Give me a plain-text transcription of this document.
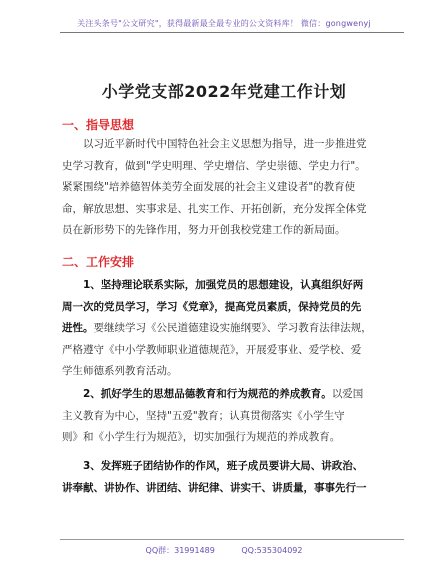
关注头条号"公文研究"，获得最新最全最专业的公文资料库！ 微信：gongwenyj
小学党支部2022年党建工作计划
一、指导思想
以习近平新时代中国特色社会主义思想为指导，进一步推进党
史学习教育，做到"学史明理、学史增信、学史崇德、学史力行"。
紧紧围绕"培养德智体美劳全面发展的社会主义建设者"的教育使
命，解放思想、实事求是、扎实工作、开拓创新，充分发挥全体党
员在新形势下的先锋作用，努力开创我校党建工作的新局面。
二、工作安排
1、坚持理论联系实际，加强党员的思想建设，认真组织好两
周一次的党员学习，学习《党章》，提高党员素质，保持党员的先
进性。要继续学习《公民道德建设实施纲要》、学习教育法律法规，
严格遵守《中小学教师职业道德规范》，开展爱事业、爱学校、爱
学生师德系列教育活动。
2、抓好学生的思想品德教育和行为规范的养成教育。以爱国
主义教育为中心，坚持"五爱"教育；认真贯彻落实《小学生守
则》和《小学生行为规范》，切实加强行为规范的养成教育。
3、发挥班子团结协作的作风，班子成员要讲大局、讲政治、
讲奉献、讲协作、讲团结、讲纪律、讲实干、讲质量，事事先行一
QQ群：31991489	QQ:535304092
